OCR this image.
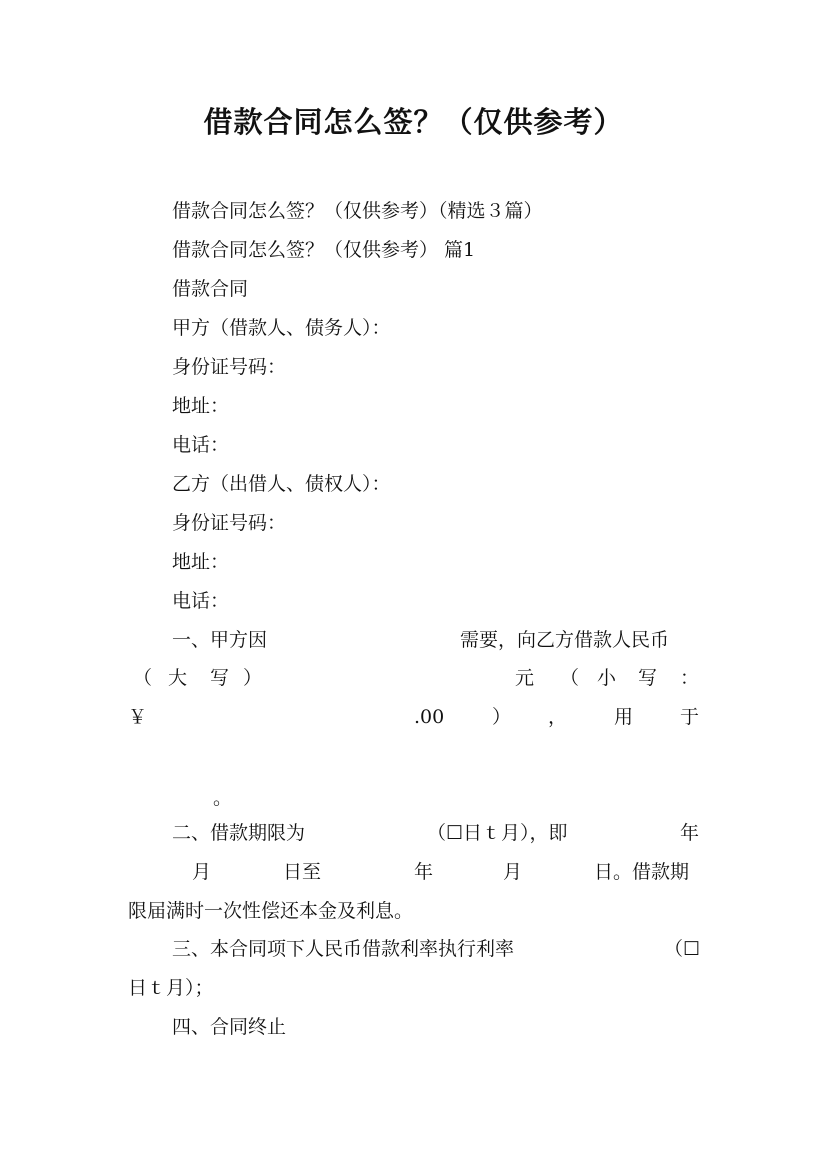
借款合同怎么签？（仅供参考）
借款合同怎么签？（仅供参考）（精选３篇）
借款合同怎么签？（仅供参考） 篇1
借款合同
甲方（借款人、债务人）：
身份证号码：
地址：
电话：
乙方（出借人、债权人）：
身份证号码：
地址：
电话：
一、甲方因	需要，向乙方借款人民币
（ 大 写 ）	元 （ 小 写 ：
￥	.00	） ， 用 于
。
二、借款期限为	（☐日ｔ月），即	年
月	日至	年	月	日。借款期
限届满时一次性偿还本金及利息。
三、本合同项下人民币借款利率执行利率	（☐
日ｔ月）；
四、合同终止
